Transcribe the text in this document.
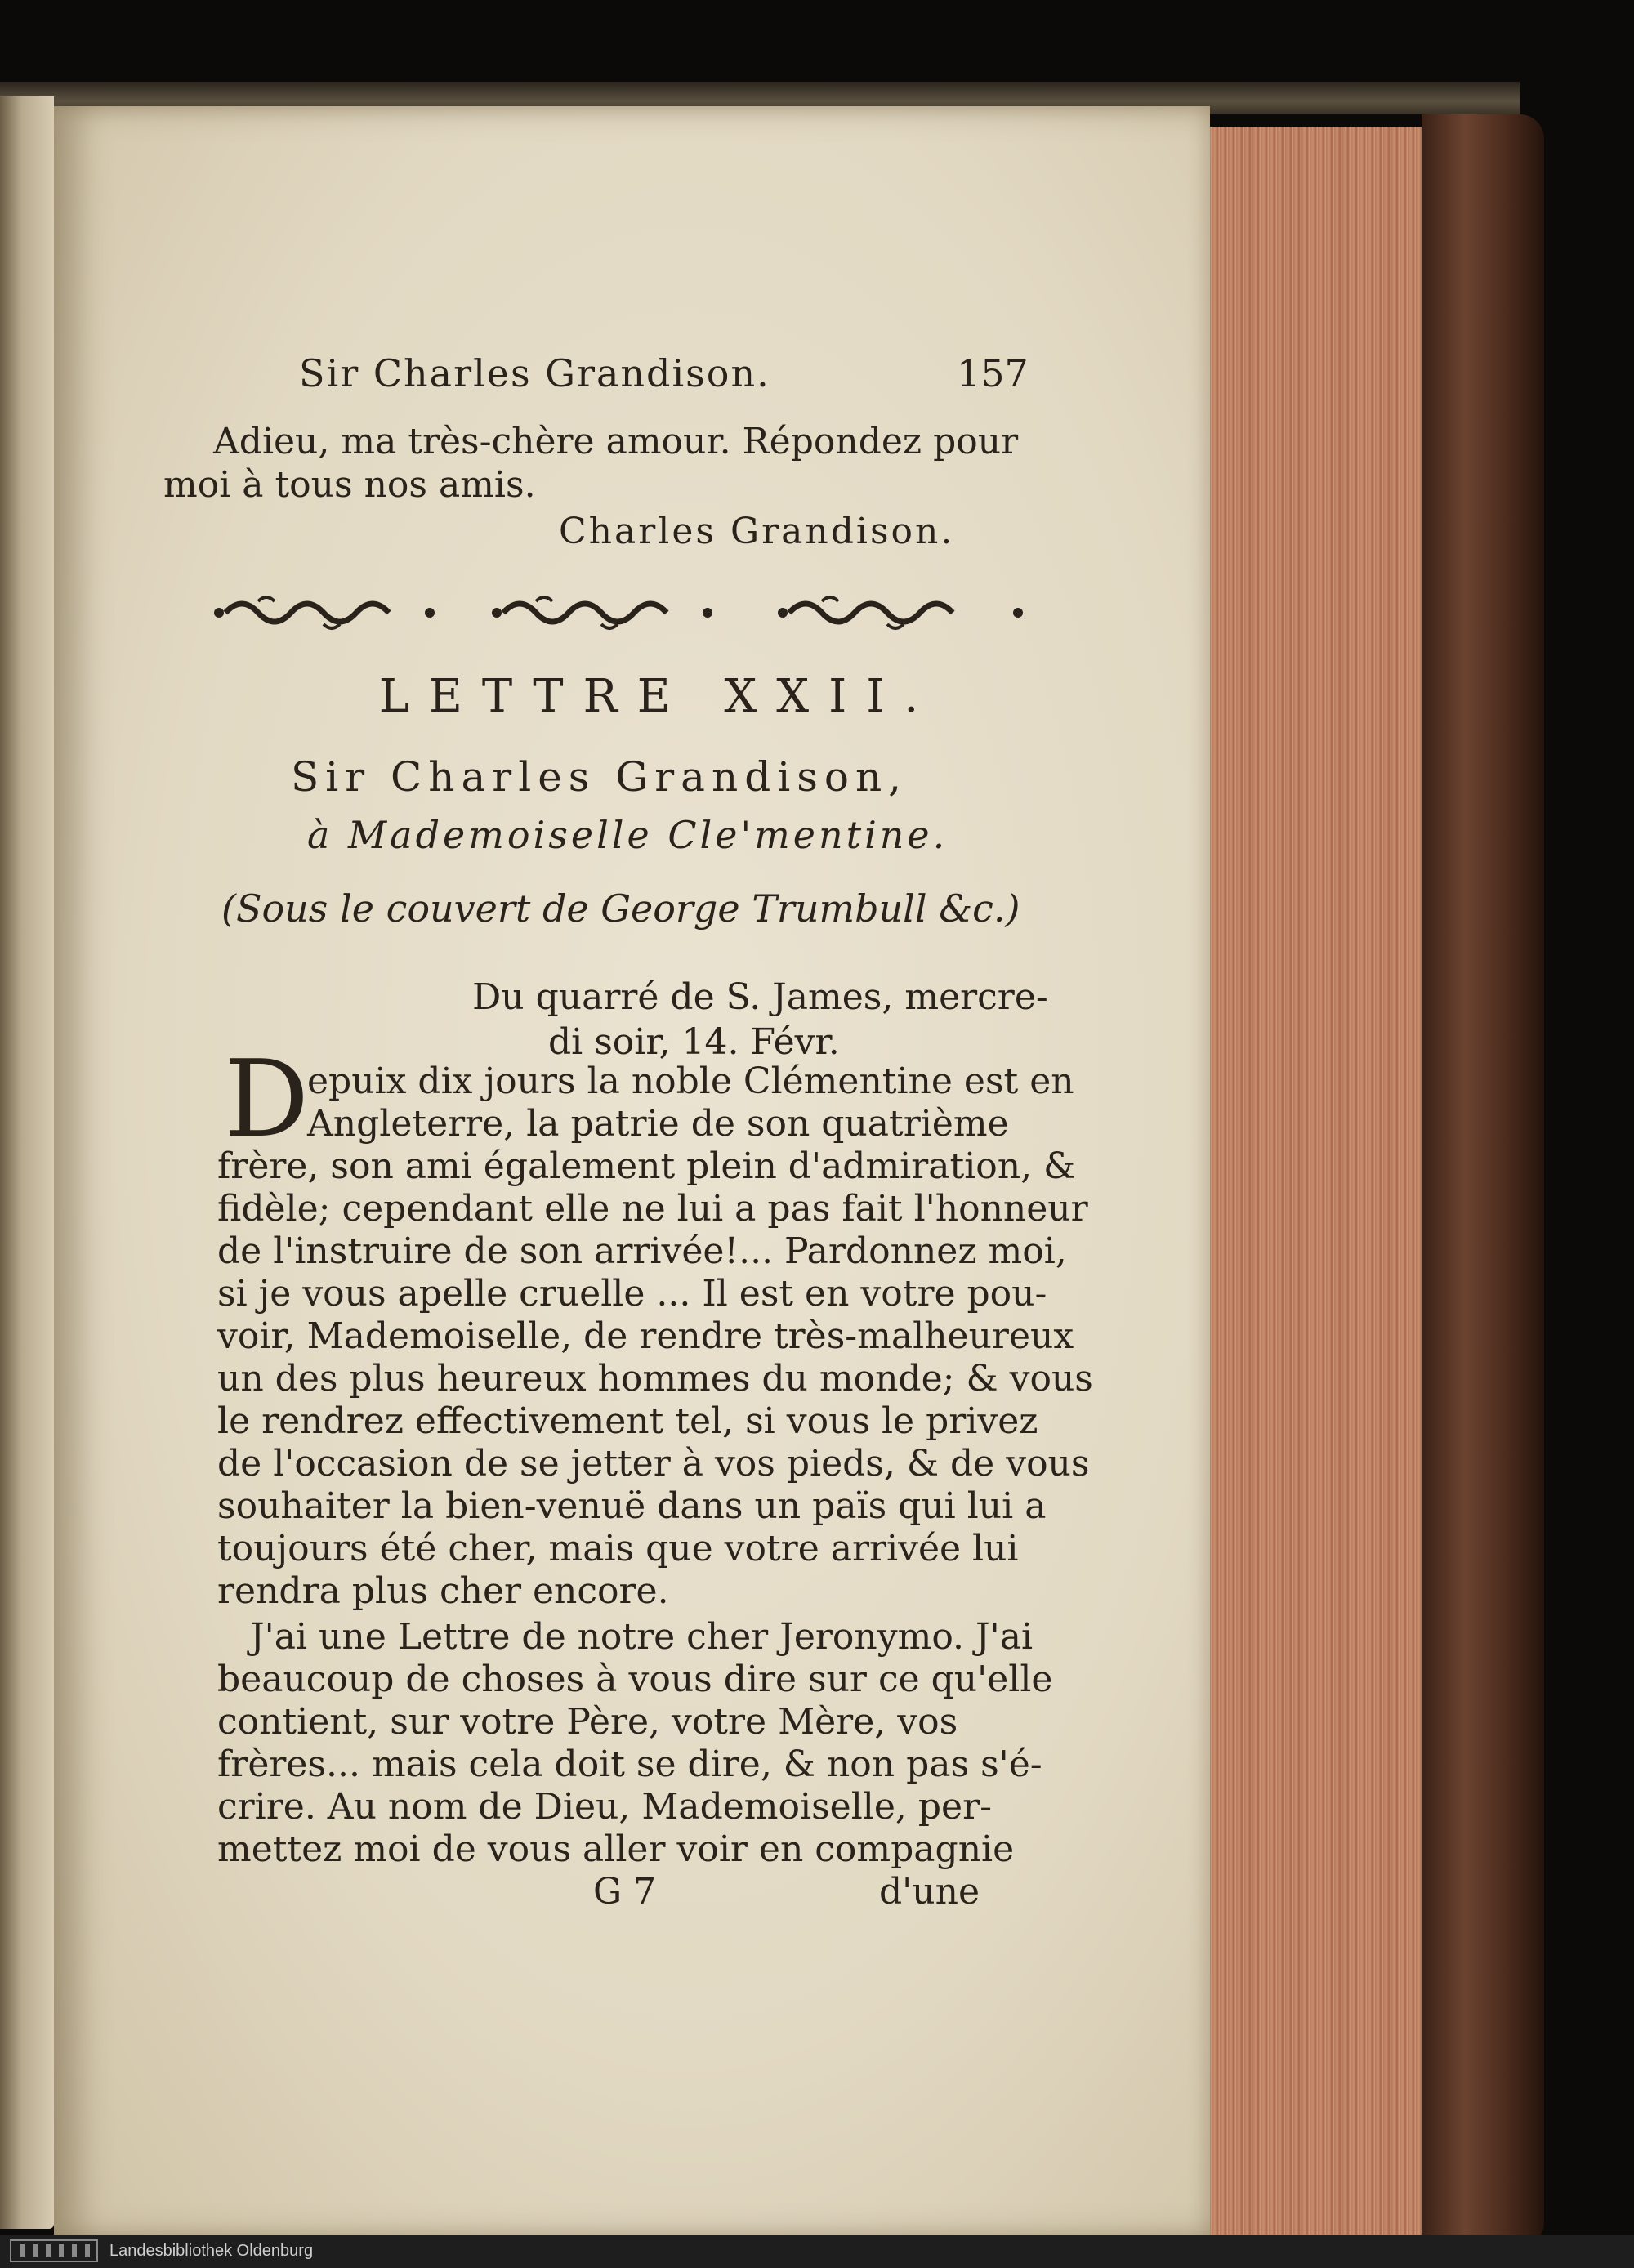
Sir Charles Grandison.	157
Adieu, ma très-chère amour. Répondez pour
moi à tous nos amis.
Charles Grandison.
LETTRE XXII.
Sir Charles Grandison,
à Mademoiselle Cle'mentine.
(Sous le couvert de George Trumbull &c.)
Du quarré de S. James, mercre-
di soir, 14. Févr.
D
epuix dix jours la noble Clémentine est en
Angleterre, la patrie de son quatrième
frère, son ami également plein d'admiration, &
fidèle; cependant elle ne lui a pas fait l'honneur
de l'instruire de son arrivée!... Pardonnez moi,
si je vous apelle cruelle ... Il est en votre pou-
voir, Mademoiselle, de rendre très-malheureux
un des plus heureux hommes du monde; & vous
le rendrez effectivement tel, si vous le privez
de l'occasion de se jetter à vos pieds, & de vous
souhaiter la bien-venuë dans un païs qui lui a
toujours été cher, mais que votre arrivée lui
rendra plus cher encore.
J'ai une Lettre de notre cher Jeronymo. J'ai
beaucoup de choses à vous dire sur ce qu'elle
contient, sur votre Père, votre Mère, vos
frères... mais cela doit se dire, & non pas s'é-
crire. Au nom de Dieu, Mademoiselle, per-
mettez moi de vous aller voir en compagnie
G 7	d'une
Landesbibliothek Oldenburg
